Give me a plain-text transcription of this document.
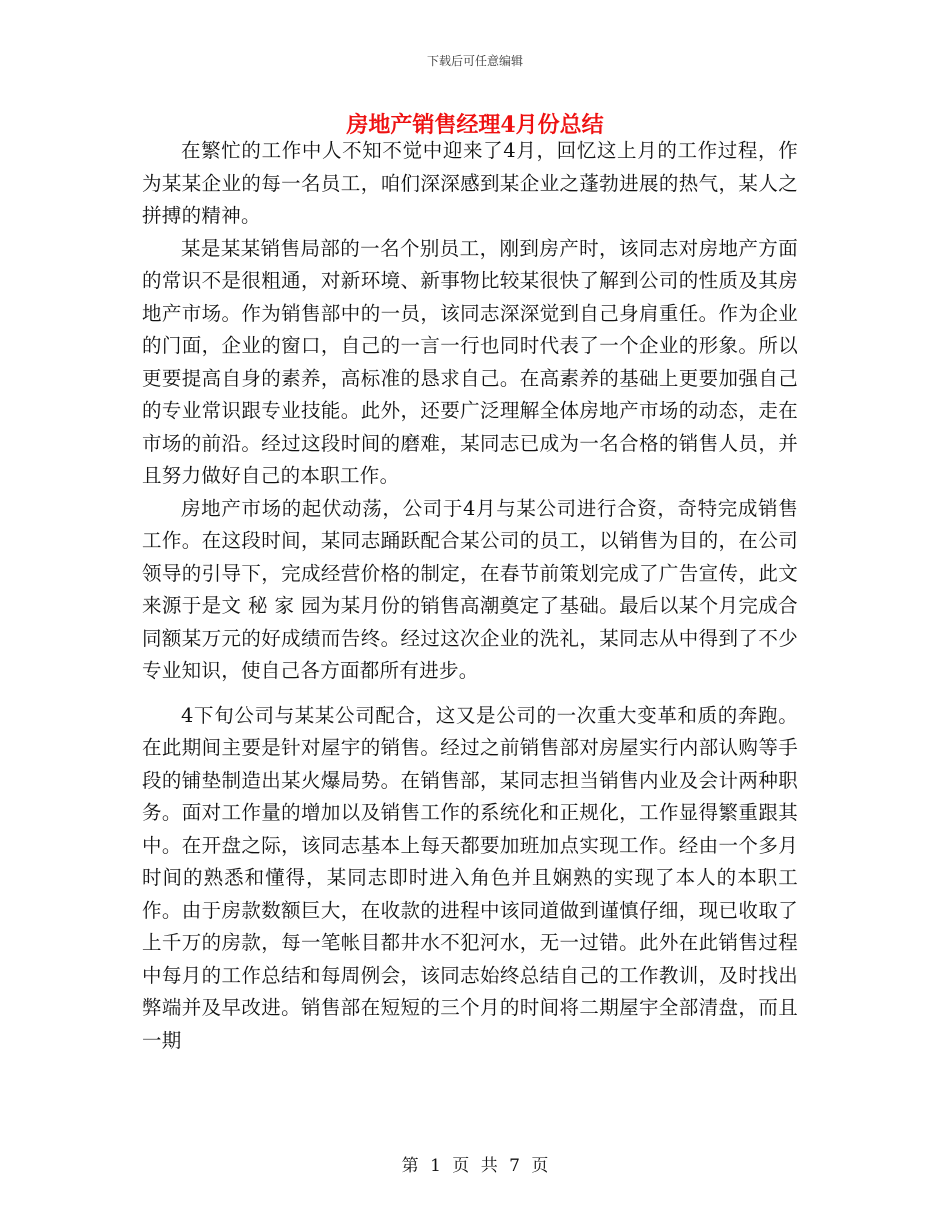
下载后可任意编辑
房地产销售经理4月份总结

在繁忙的工作中人不知不觉中迎来了4月，回忆这上月的工作过程，作为某某企业的每一名员工，咱们深深感到某企业之蓬勃进展的热气，某人之拼搏的精神。

某是某某销售局部的一名个别员工，刚到房产时，该同志对房地产方面的常识不是很粗通，对新环境、新事物比较某很快了解到公司的性质及其房地产市场。作为销售部中的一员，该同志深深觉到自己身肩重任。作为企业的门面，企业的窗口，自己的一言一行也同时代表了一个企业的形象。所以更要提高自身的素养，高标准的恳求自己。在高素养的基础上更要加强自己的专业常识跟专业技能。此外，还要广泛理解全体房地产市场的动态，走在市场的前沿。经过这段时间的磨难，某同志已成为一名合格的销售人员，并且努力做好自己的本职工作。

房地产市场的起伏动荡，公司于4月与某公司进行合资，奇特完成销售工作。在这段时间，某同志踊跃配合某公司的员工，以销售为目的，在公司领导的引导下，完成经营价格的制定，在春节前策划完成了广告宣传，此文来源于是文 秘 家 园为某月份的销售高潮奠定了基础。最后以某个月完成合同额某万元的好成绩而告终。经过这次企业的洗礼，某同志从中得到了不少专业知识，使自己各方面都所有进步。

4下旬公司与某某公司配合，这又是公司的一次重大变革和质的奔跑。在此期间主要是针对屋宇的销售。经过之前销售部对房屋实行内部认购等手段的铺垫制造出某火爆局势。在销售部，某同志担当销售内业及会计两种职务。面对工作量的增加以及销售工作的系统化和正规化，工作显得繁重跟其中。在开盘之际，该同志基本上每天都要加班加点实现工作。经由一个多月时间的熟悉和懂得，某同志即时进入角色并且娴熟的实现了本人的本职工作。由于房款数额巨大，在收款的进程中该同道做到谨慎仔细，现已收取了上千万的房款，每一笔帐目都井水不犯河水，无一过错。此外在此销售过程中每月的工作总结和每周例会，该同志始终总结自己的工作教训，及时找出弊端并及早改进。销售部在短短的三个月的时间将二期屋宇全部清盘，而且一期

第 1 页 共 7 页
